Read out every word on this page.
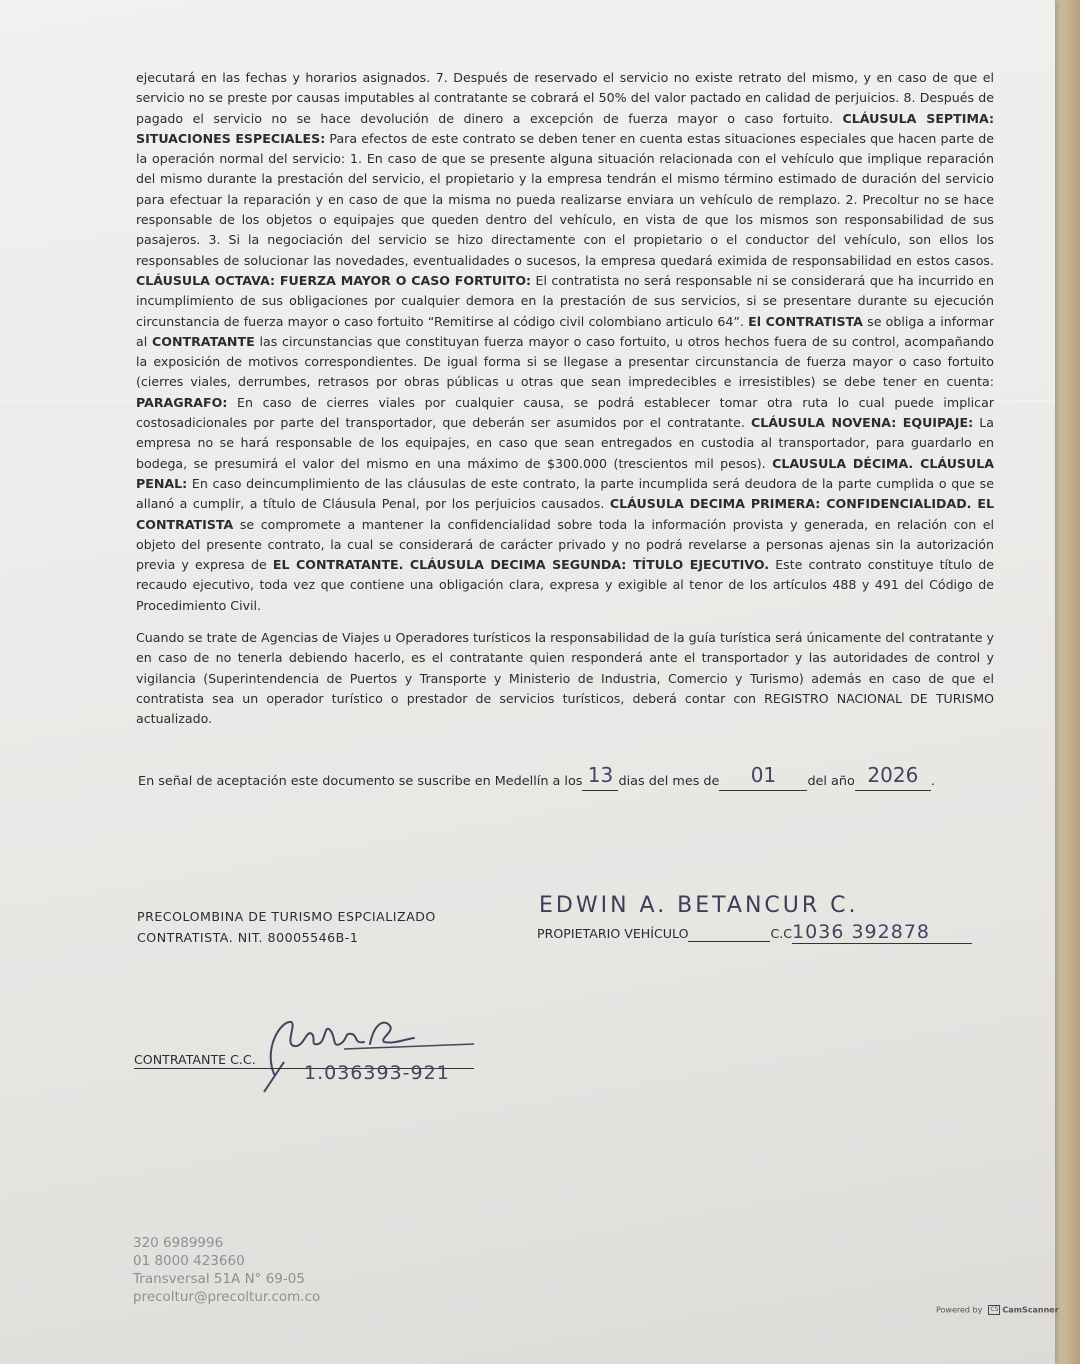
ejecutará en las fechas y horarios asignados. 7. Después de reservado el servicio no existe retrato del mismo, y en caso de que el servicio no se preste por causas imputables al contratante se cobrará el 50% del valor pactado en calidad de perjuicios. 8. Después de pagado el servicio no se hace devolución de dinero a excepción de fuerza mayor o caso fortuito. CLÁUSULA SEPTIMA: SITUACIONES ESPECIALES: Para efectos de este contrato se deben tener en cuenta estas situaciones especiales que hacen parte de la operación normal del servicio: 1. En caso de que se presente alguna situación relacionada con el vehículo que implique reparación del mismo durante la prestación del servicio, el propietario y la empresa tendrán el mismo término estimado de duración del servicio para efectuar la reparación y en caso de que la misma no pueda realizarse enviara un vehículo de remplazo. 2. Precoltur no se hace responsable de los objetos o equipajes que queden dentro del vehículo, en vista de que los mismos son responsabilidad de sus pasajeros. 3. Si la negociación del servicio se hizo directamente con el propietario o el conductor del vehículo, son ellos los responsables de solucionar las novedades, eventualidades o sucesos, la empresa quedará eximida de responsabilidad en estos casos. CLÁUSULA OCTAVA: FUERZA MAYOR O CASO FORTUITO: El contratista no será responsable ni se considerará que ha incurrido en incumplimiento de sus obligaciones por cualquier demora en la prestación de sus servicios, si se presentare durante su ejecución circunstancia de fuerza mayor o caso fortuito “Remitirse al código civil colombiano articulo 64”. El CONTRATISTA se obliga a informar al CONTRATANTE las circunstancias que constituyan fuerza mayor o caso fortuito, u otros hechos fuera de su control, acompañando la exposición de motivos correspondientes. De igual forma si se llegase a presentar circunstancia de fuerza mayor o caso fortuito (cierres viales, derrumbes, retrasos por obras públicas u otras que sean impredecibles e irresistibles) se debe tener en cuenta: PARAGRAFO: En caso de cierres viales por cualquier causa, se podrá establecer tomar otra ruta lo cual puede implicar costosadicionales por parte del transportador, que deberán ser asumidos por el contratante. CLÁUSULA NOVENA: EQUIPAJE: La empresa no se hará responsable de los equipajes, en caso que sean entregados en custodia al transportador, para guardarlo en bodega, se presumirá el valor del mismo en una máximo de $300.000 (trescientos mil pesos). CLAUSULA DÉCIMA. CLÁUSULA PENAL: En caso deincumplimiento de las cláusulas de este contrato, la parte incumplida será deudora de la parte cumplida o que se allanó a cumplir, a título de Cláusula Penal, por los perjuicios causados. CLÁUSULA DECIMA PRIMERA: CONFIDENCIALIDAD. EL CONTRATISTA se compromete a mantener la confidencialidad sobre toda la información provista y generada, en relación con el objeto del presente contrato, la cual se considerará de carácter privado y no podrá revelarse a personas ajenas sin la autorización previa y expresa de EL CONTRATANTE. CLÁUSULA DECIMA SEGUNDA: TÍTULO EJECUTIVO. Este contrato constituye título de recaudo ejecutivo, toda vez que contiene una obligación clara, expresa y exigible al tenor de los artículos 488 y 491 del Código de Procedimiento Civil.

Cuando se trate de Agencias de Viajes u Operadores turísticos la responsabilidad de la guía turística será únicamente del contratante y en caso de no tenerla debiendo hacerlo, es el contratante quien responderá ante el transportador y las autoridades de control y vigilancia (Superintendencia de Puertos y Transporte y Ministerio de Industria, Comercio y Turismo) además en caso de que el contratista sea un operador turístico o prestador de servicios turísticos, deberá contar con REGISTRO NACIONAL DE TURISMO actualizado.

En señal de aceptación este documento se suscribe en Medellín a los 13 dias del mes de 01 del año 2026 .
PRECOLOMBINA DE TURISMO ESPCIALIZADO
CONTRATISTA. NIT. 80005546B-1
EDWIN A. BETANCUR C.
PROPIETARIO VEHÍCULO	C.C1036 392878
CONTRATANTE C.C.
1.036393-921
320 6989996
01 8000 423660
Transversal 51A N° 69-05
precoltur@precoltur.com.co
Powered by CS CamScanner
